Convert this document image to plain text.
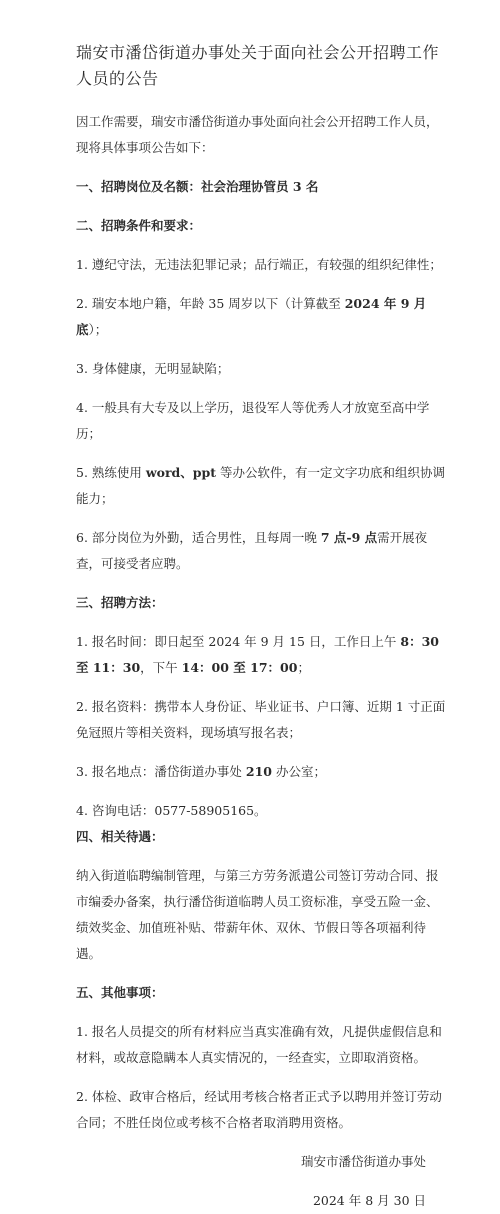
瑞安市潘岱街道办事处关于面向社会公开招聘工作人员的公告

因工作需要，瑞安市潘岱街道办事处面向社会公开招聘工作人员，现将具体事项公告如下：

一、招聘岗位及名额：社会治理协管员 3 名

二、招聘条件和要求：

1. 遵纪守法，无违法犯罪记录；品行端正，有较强的组织纪律性；

2. 瑞安本地户籍，年龄 35 周岁以下（计算截至 2024 年 9 月底）；

3. 身体健康，无明显缺陷；

4. 一般具有大专及以上学历，退役军人等优秀人才放宽至高中学历；

5. 熟练使用 word、ppt 等办公软件，有一定文字功底和组织协调能力；

6. 部分岗位为外勤，适合男性，且每周一晚 7 点-9 点需开展夜查，可接受者应聘。

三、招聘方法：

1. 报名时间：即日起至 2024 年 9 月 15 日，工作日上午 8：30 至 11：30，下午 14：00 至 17：00；

2. 报名资料：携带本人身份证、毕业证书、户口簿、近期 1 寸正面免冠照片等相关资料，现场填写报名表；

3. 报名地点：潘岱街道办事处 210 办公室；

4. 咨询电话：0577-58905165。

四、相关待遇：

纳入街道临聘编制管理，与第三方劳务派遣公司签订劳动合同、报市编委办备案，执行潘岱街道临聘人员工资标准，享受五险一金、绩效奖金、加值班补贴、带薪年休、双休、节假日等各项福利待遇。

五、其他事项：

1. 报名人员提交的所有材料应当真实准确有效，凡提供虚假信息和材料，或故意隐瞒本人真实情况的，一经查实，立即取消资格。

2. 体检、政审合格后，经试用考核合格者正式予以聘用并签订劳动合同；不胜任岗位或考核不合格者取消聘用资格。

瑞安市潘岱街道办事处

2024 年 8 月 30 日
